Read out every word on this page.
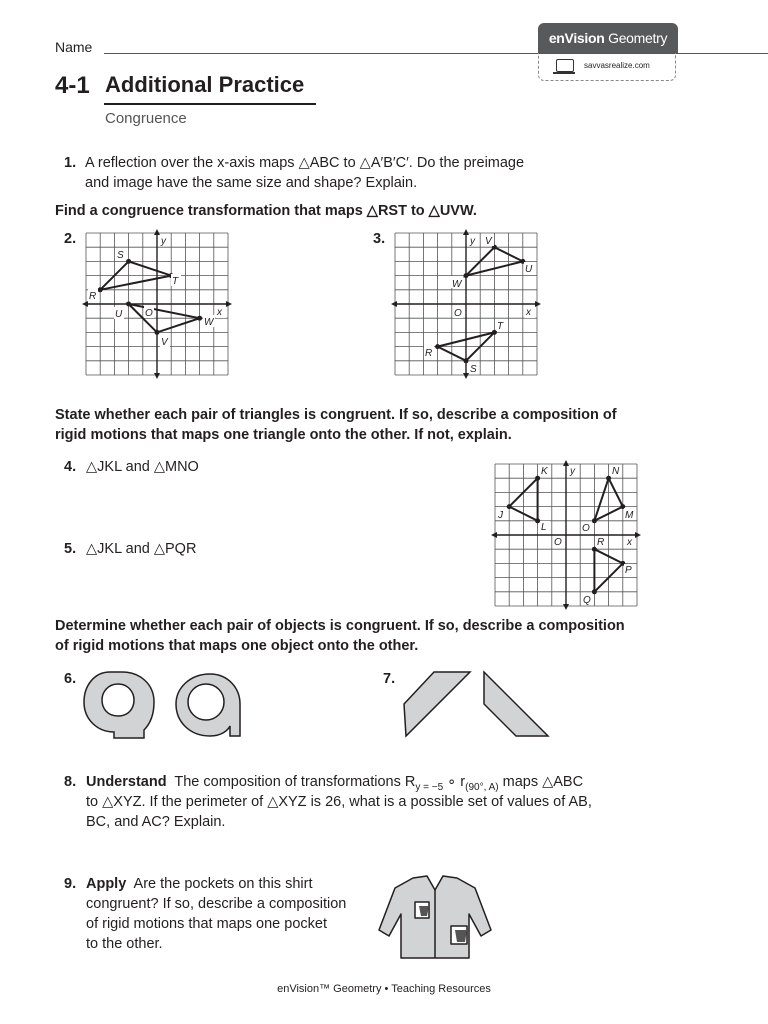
Name
enVision Geometry
savvasrealize.com
4-1 Additional Practice
Congruence
1. A reflection over the x-axis maps △ABC to △A′B′C′. Do the preimage
and image have the same size and shape? Explain.
Find a congruence transformation that maps △RST to △UVW.
2.
S
T
R
U O
W
V
x
y	3.	V
U
W
O
T
R
S
x
y
State whether each pair of triangles is congruent. If so, describe a composition of
rigid motions that maps one triangle onto the other. If not, explain.
4. △JKL and △MNO
5. △JKL and △PQR
K	N
J
L	O
M
O	R
P
Q
x
y
Determine whether each pair of objects is congruent. If so, describe a composition
of rigid motions that maps one object onto the other.
6.	7.
8. Understand The composition of transformations $R_{y = -5}$ ∘ $r_{(90^\circ, A)}$ maps △ABC
to △XYZ. If the perimeter of △XYZ is 26, what is a possible set of values of AB,
BC, and AC? Explain.
9. Apply Are the pockets on this shirt
congruent? If so, describe a composition
of rigid motions that maps one pocket
to the other.
enVision™ Geometry • Teaching Resources
